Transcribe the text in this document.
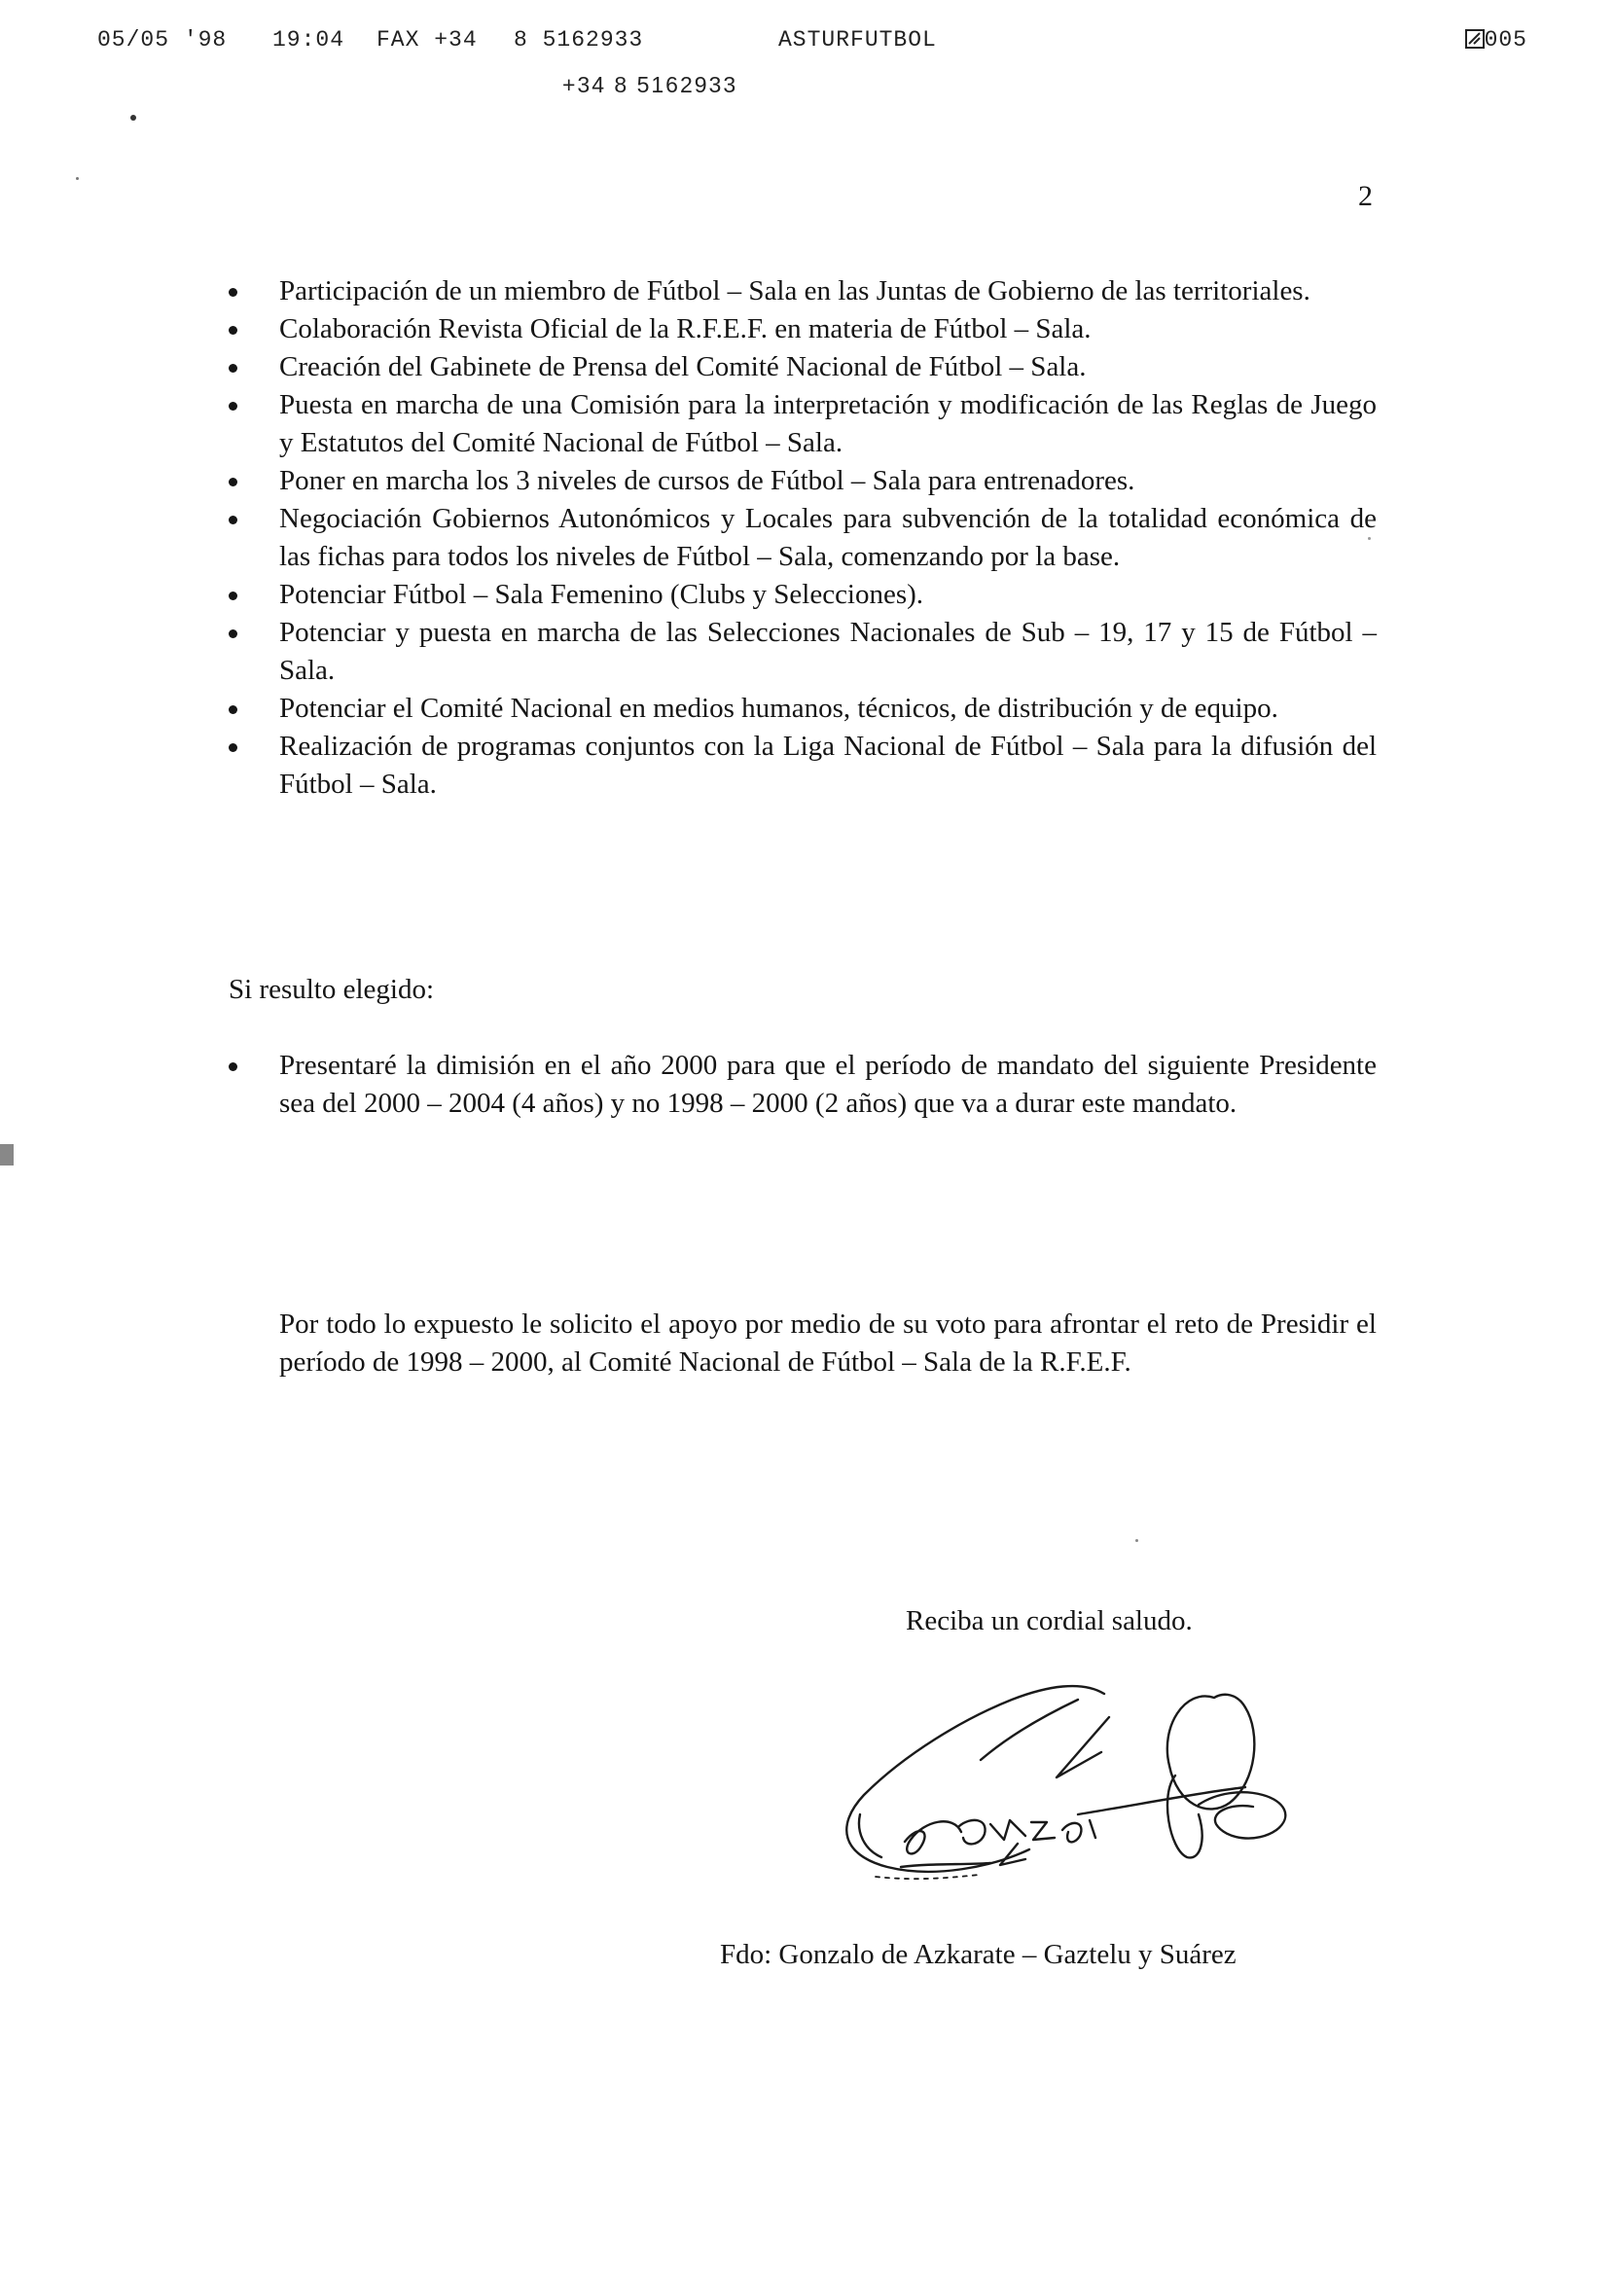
05/05 '98 19:04 FAX +34 8 5162933	ASTURFUTBOL	005
+34 8 5162933
2
Participación de un miembro de Fútbol – Sala en las Juntas de Gobierno de las territoriales.
Colaboración Revista Oficial de la R.F.E.F. en materia de Fútbol – Sala.
Creación del Gabinete de Prensa del Comité Nacional de Fútbol – Sala.
Puesta en marcha de una Comisión para la interpretación y modificación de las Reglas de Juego y Estatutos del Comité Nacional de Fútbol – Sala.
Poner en marcha los 3 niveles de cursos de Fútbol – Sala para entrenadores.
Negociación Gobiernos Autonómicos y Locales para subvención de la totalidad económica de las fichas para todos los niveles de Fútbol – Sala, comenzando por la base.
Potenciar Fútbol – Sala Femenino (Clubs y Selecciones).
Potenciar y puesta en marcha de las Selecciones Nacionales de Sub – 19, 17 y 15 de Fútbol – Sala.
Potenciar el Comité Nacional en medios humanos, técnicos, de distribución y de equipo.
Realización de programas conjuntos con la Liga Nacional de Fútbol – Sala para la difusión del Fútbol – Sala.
Si resulto elegido:
Presentaré la dimisión en el año 2000 para que el período de mandato del siguiente Presidente sea del 2000 – 2004 (4 años) y no 1998 – 2000 (2 años) que va a durar este mandato.

Por todo lo expuesto le solicito el apoyo por medio de su voto para afrontar el reto de Presidir el período de 1998 – 2000, al Comité Nacional de Fútbol – Sala de la R.F.E.F.

Reciba un cordial saludo.
Fdo: Gonzalo de Azkarate – Gaztelu y Suárez
